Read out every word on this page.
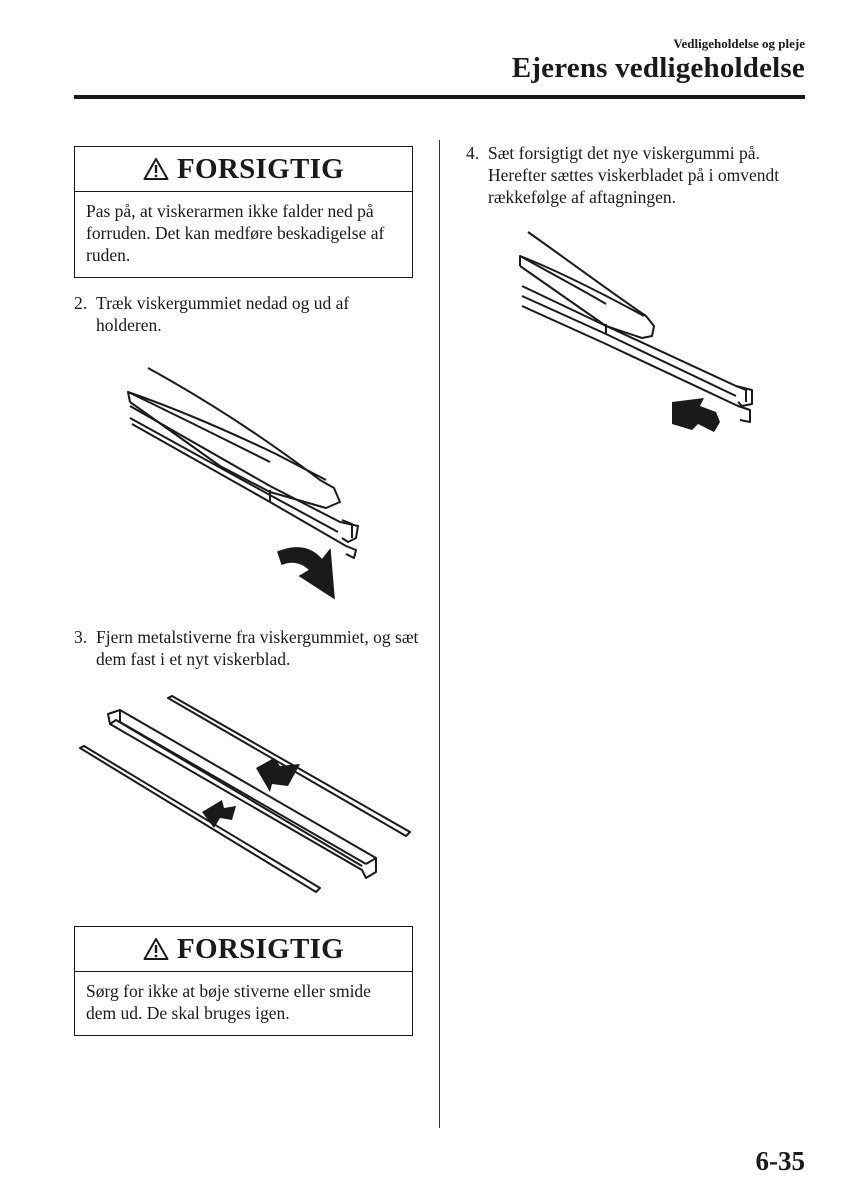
Vedligeholdelse og pleje
Ejerens vedligeholdelse
FORSIGTIG
Pas på, at viskerarmen ikke falder ned på forruden. Det kan medføre beskadigelse af ruden.
2. Træk viskergummiet nedad og ud af holderen.
3. Fjern metalstiverne fra viskergummiet, og sæt dem fast i et nyt viskerblad.
FORSIGTIG
Sørg for ikke at bøje stiverne eller smide dem ud. De skal bruges igen.
4. Sæt forsigtigt det nye viskergummi på. Herefter sættes viskerbladet på i omvendt rækkefølge af aftagningen.
6-35
